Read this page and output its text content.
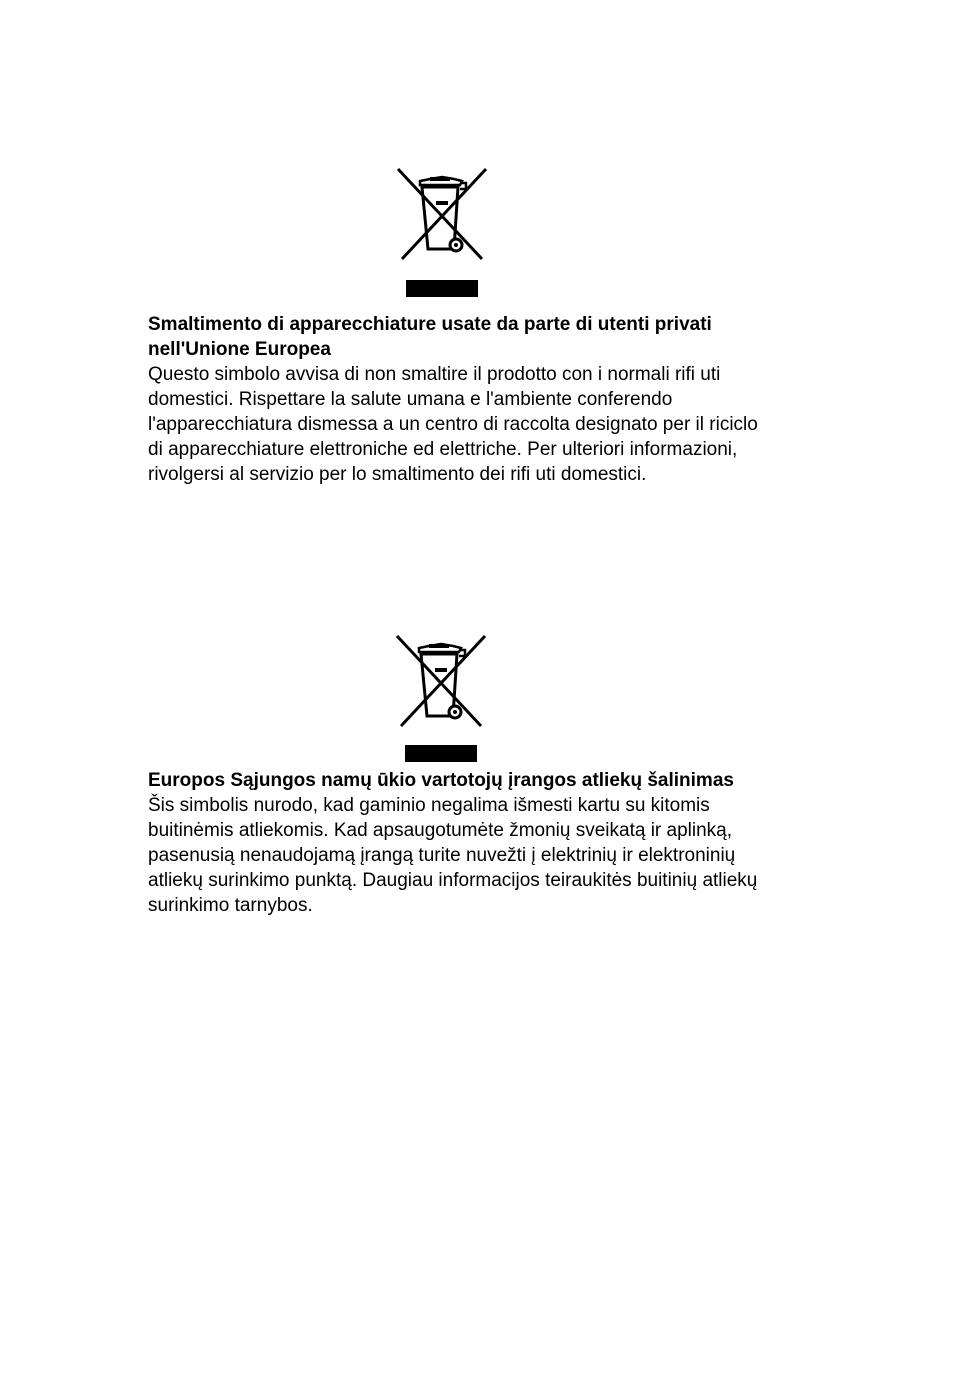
Smaltimento di apparecchiature usate da parte di utenti privati nell'Unione Europea

Questo simbolo avvisa di non smaltire il prodotto con i normali rifi uti domestici. Rispettare la salute umana e l'ambiente conferendo l'apparecchiatura dismessa a un centro di raccolta designato per il riciclo di apparecchiature elettroniche ed elettriche. Per ulteriori informazioni, rivolgersi al servizio per lo smaltimento dei rifi uti domestici.

Europos Sąjungos namų ūkio vartotojų įrangos atliekų šalinimas

Šis simbolis nurodo, kad gaminio negalima išmesti kartu su kitomis buitinėmis atliekomis. Kad apsaugotumėte žmonių sveikatą ir aplinką, pasenusią nenaudojamą įrangą turite nuvežti į elektrinių ir elektroninių atliekų surinkimo punktą. Daugiau informacijos teiraukitės buitinių atliekų surinkimo tarnybos.
